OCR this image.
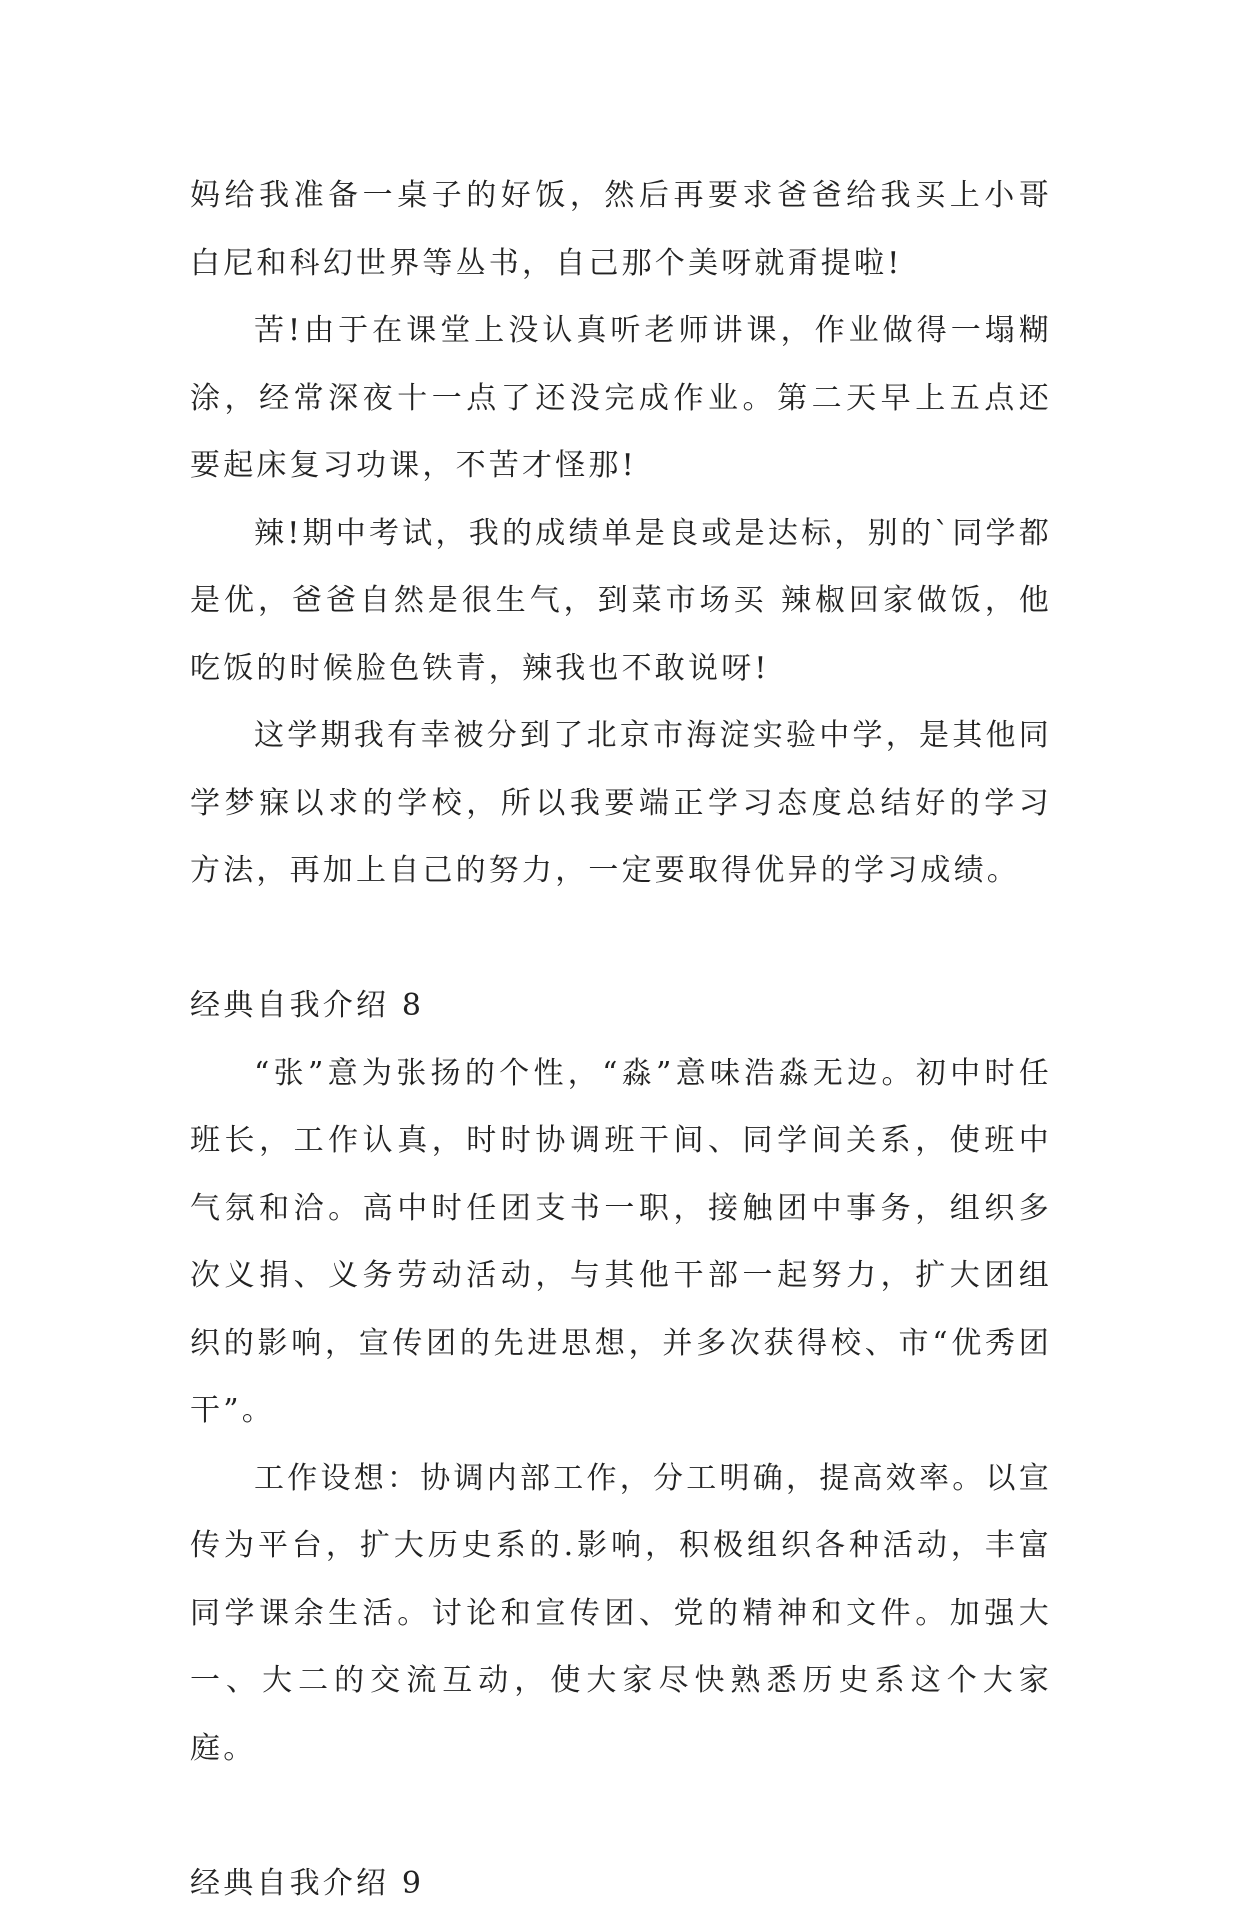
妈给我准备一桌子的好饭，然后再要求爸爸给我买上小哥白尼和科幻世界等丛书，自己那个美呀就甭提啦!

苦!由于在课堂上没认真听老师讲课，作业做得一塌糊涂，经常深夜十一点了还没完成作业。第二天早上五点还要起床复习功课，不苦才怪那!

辣!期中考试，我的成绩单是良或是达标，别的`同学都是优，爸爸自然是很生气，到菜市场买 辣椒回家做饭，他吃饭的时候脸色铁青，辣我也不敢说呀!

这学期我有幸被分到了北京市海淀实验中学，是其他同学梦寐以求的学校，所以我要端正学习态度总结好的学习方法，再加上自己的努力，一定要取得优异的学习成绩。

经典自我介绍 8

“张”意为张扬的个性，“淼”意味浩淼无边。初中时任班长，工作认真，时时协调班干间、同学间关系，使班中气氛和洽。高中时任团支书一职，接触团中事务，组织多次义捐、义务劳动活动，与其他干部一起努力，扩大团组织的影响，宣传团的先进思想，并多次获得校、市“优秀团干”。

工作设想：协调内部工作，分工明确，提高效率。以宣传为平台，扩大历史系的.影响，积极组织各种活动，丰富同学课余生活。讨论和宣传团、党的精神和文件。加强大一、大二的交流互动，使大家尽快熟悉历史系这个大家庭。

经典自我介绍 9
